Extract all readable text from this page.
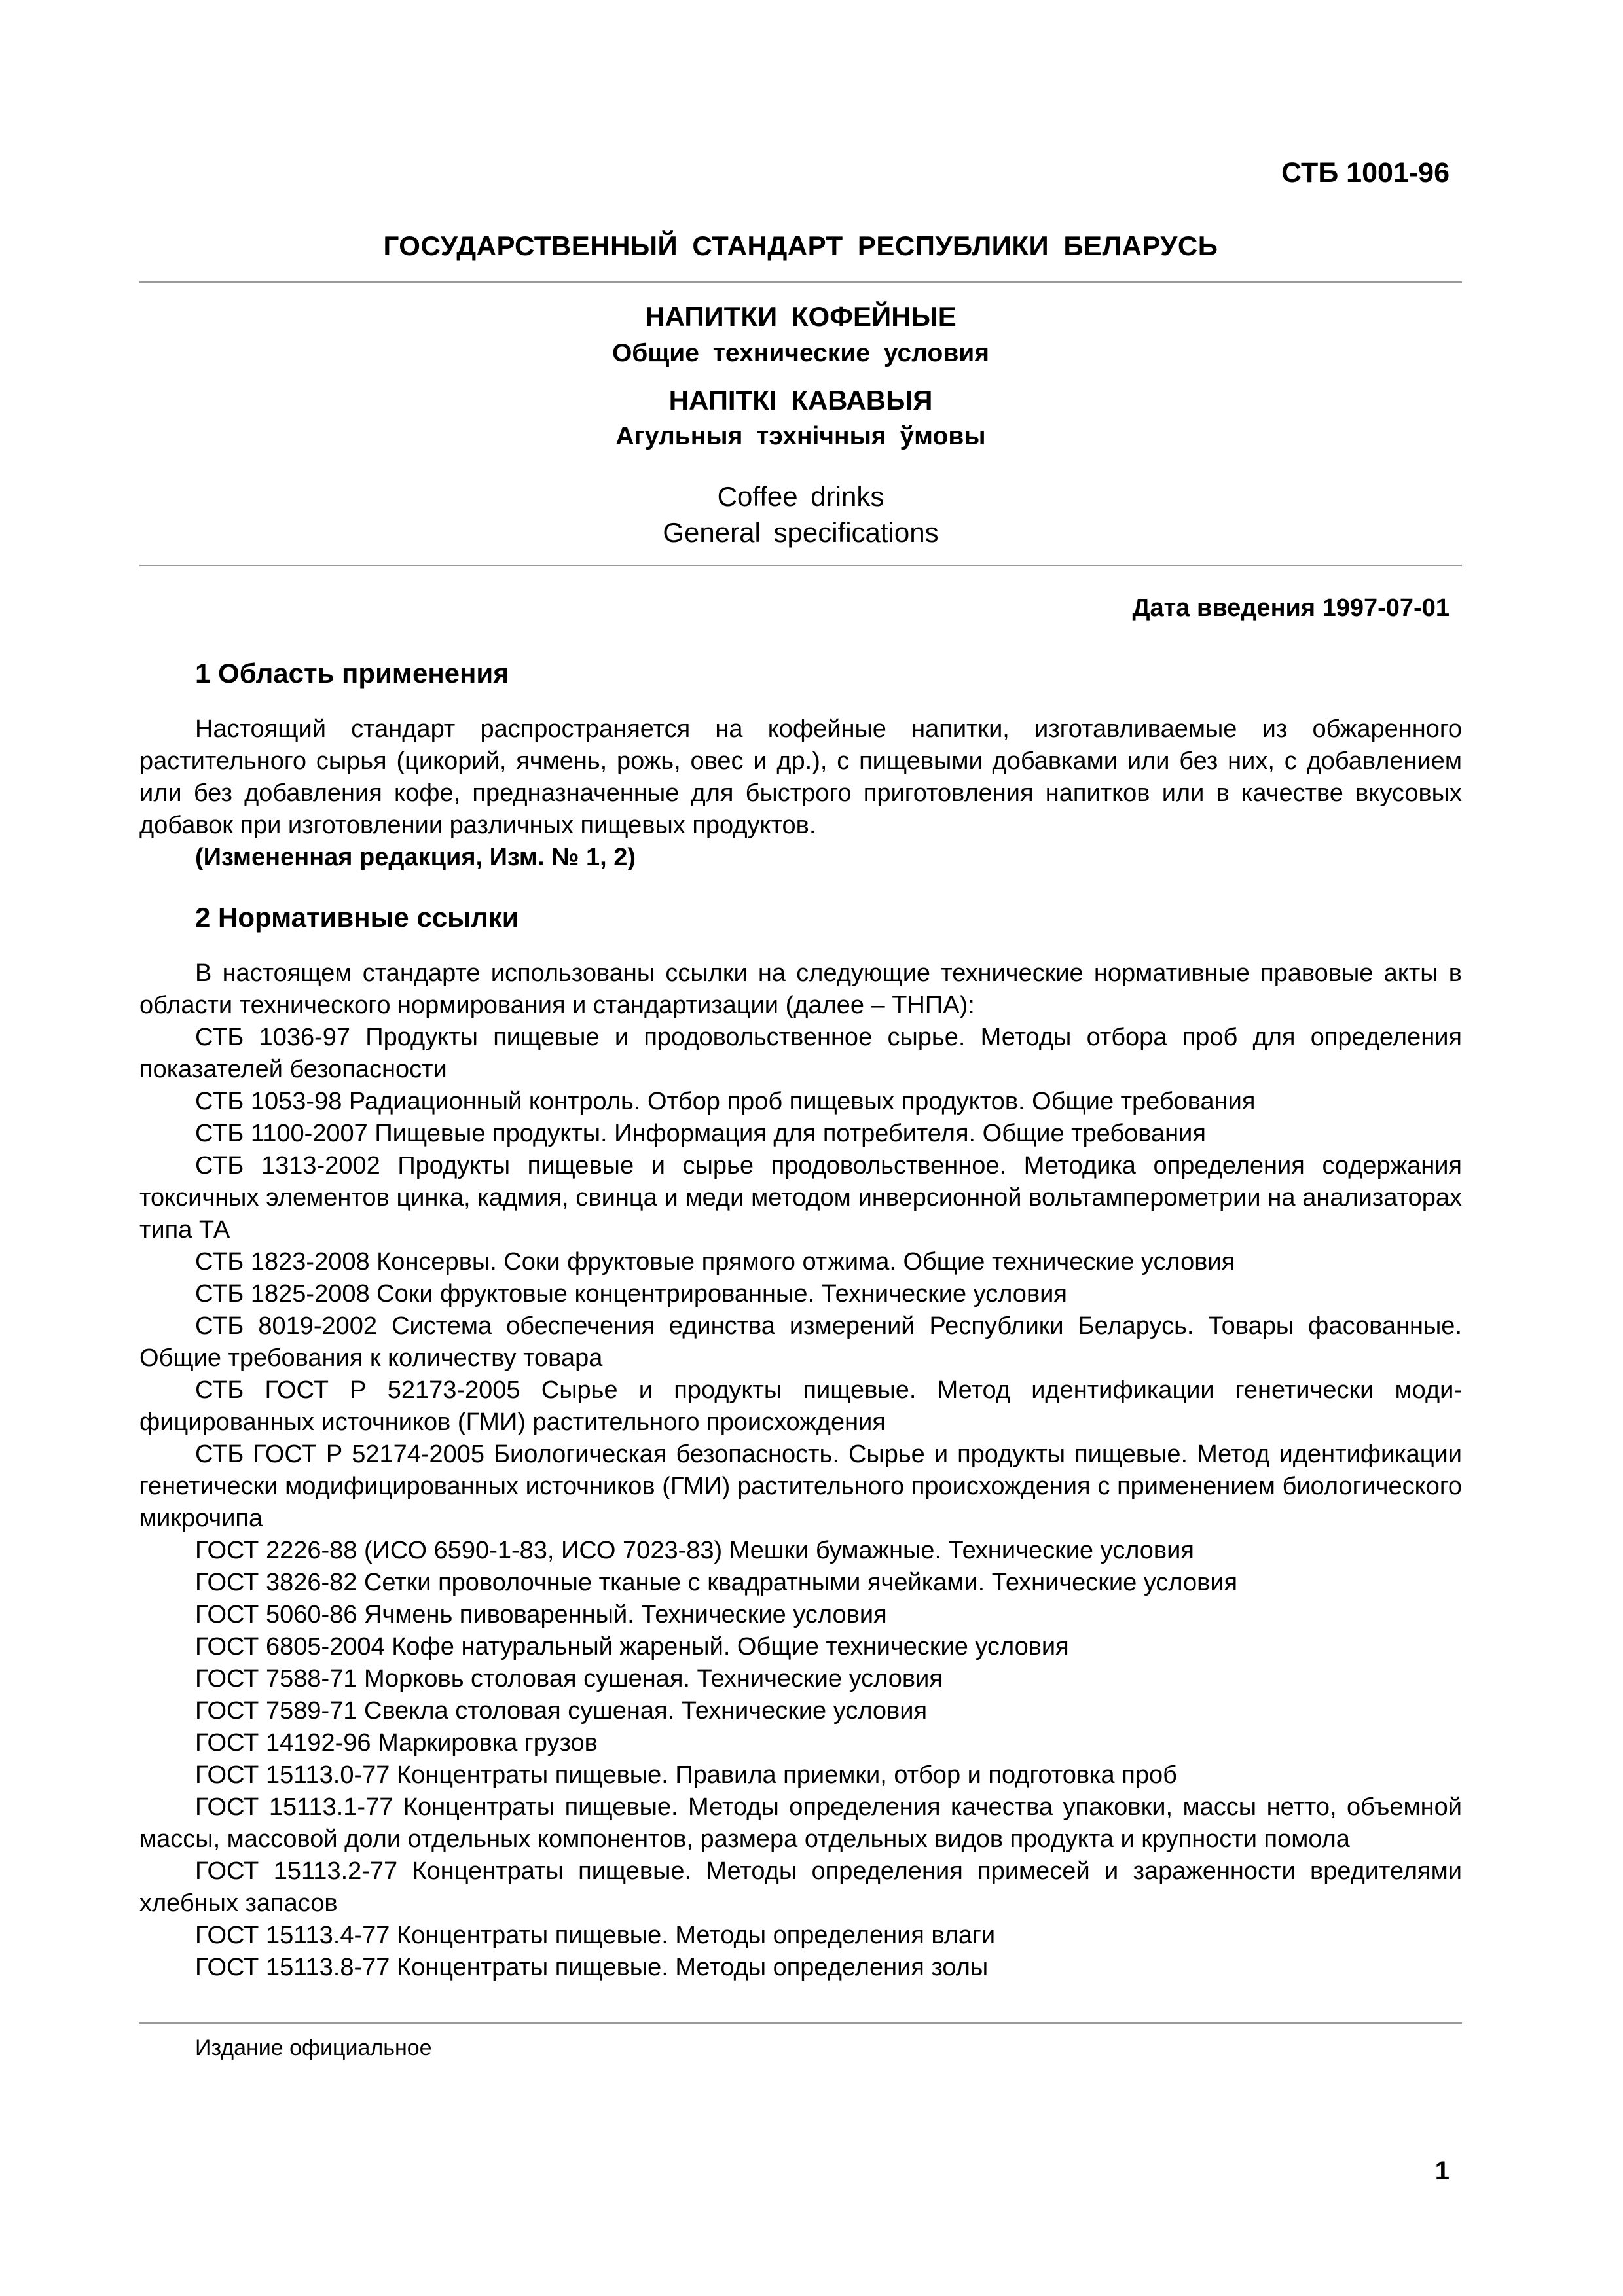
СТБ 1001-96
ГОСУДАРСТВЕННЫЙ СТАНДАРТ РЕСПУБЛИКИ БЕЛАРУСЬ
НАПИТКИ КОФЕЙНЫЕ
Общие технические условия
НАПІТКІ КАВАВЫЯ
Агульныя тэхнічныя ўмовы
Coffee drinks
General specifications
Дата введения 1997-07-01
1 Область применения

Настоящий стандарт распространяется на кофейные напитки, изготавливаемые из обжаренного растительного сырья (цикорий, ячмень, рожь, овес и др.), с пищевыми добавками или без них, с добавлением или без добавления кофе, предназначенные для быстрого приготовления напитков или в качестве вкусовых добавок при изготовлении различных пищевых продуктов.

(Измененная редакция, Изм. № 1, 2)

2 Нормативные ссылки

В настоящем стандарте использованы ссылки на следующие технические нормативные правовые акты в области технического нормирования и стандартизации (далее – ТНПА):

СТБ 1036-97 Продукты пищевые и продовольственное сырье. Методы отбора проб для определения показателей безопасности

СТБ 1053-98 Радиационный контроль. Отбор проб пищевых продуктов. Общие требования

СТБ 1100-2007 Пищевые продукты. Информация для потребителя. Общие требования

СТБ 1313-2002 Продукты пищевые и сырье продовольственное. Методика определения содержания токсичных элементов цинка, кадмия, свинца и меди методом инверсионной вольтамперометрии на анализаторах типа ТА

СТБ 1823-2008 Консервы. Соки фруктовые прямого отжима. Общие технические условия

СТБ 1825-2008 Соки фруктовые концентрированные. Технические условия

СТБ 8019-2002 Система обеспечения единства измерений Республики Беларусь. Товары фасованные. Общие требования к количеству товара

СТБ ГОСТ Р 52173-2005 Сырье и продукты пищевые. Метод идентификации генетически модифицированных источников (ГМИ) растительного происхождения

СТБ ГОСТ Р 52174-2005 Биологическая безопасность. Сырье и продукты пищевые. Метод идентификации генетически модифицированных источников (ГМИ) растительного происхождения с применением биологического микрочипа

ГОСТ 2226-88 (ИСО 6590-1-83, ИСО 7023-83) Мешки бумажные. Технические условия

ГОСТ 3826-82 Сетки проволочные тканые с квадратными ячейками. Технические условия

ГОСТ 5060-86 Ячмень пивоваренный. Технические условия

ГОСТ 6805-2004 Кофе натуральный жареный. Общие технические условия

ГОСТ 7588-71 Морковь столовая сушеная. Технические условия

ГОСТ 7589-71 Свекла столовая сушеная. Технические условия

ГОСТ 14192-96 Маркировка грузов

ГОСТ 15113.0-77 Концентраты пищевые. Правила приемки, отбор и подготовка проб

ГОСТ 15113.1-77 Концентраты пищевые. Методы определения качества упаковки, массы нетто, объемной массы, массовой доли отдельных компонентов, размера отдельных видов продукта и крупности помола

ГОСТ 15113.2-77 Концентраты пищевые. Методы определения примесей и зараженности вредителями хлебных запасов

ГОСТ 15113.4-77 Концентраты пищевые. Методы определения влаги

ГОСТ 15113.8-77 Концентраты пищевые. Методы определения золы

Издание официальное
1
